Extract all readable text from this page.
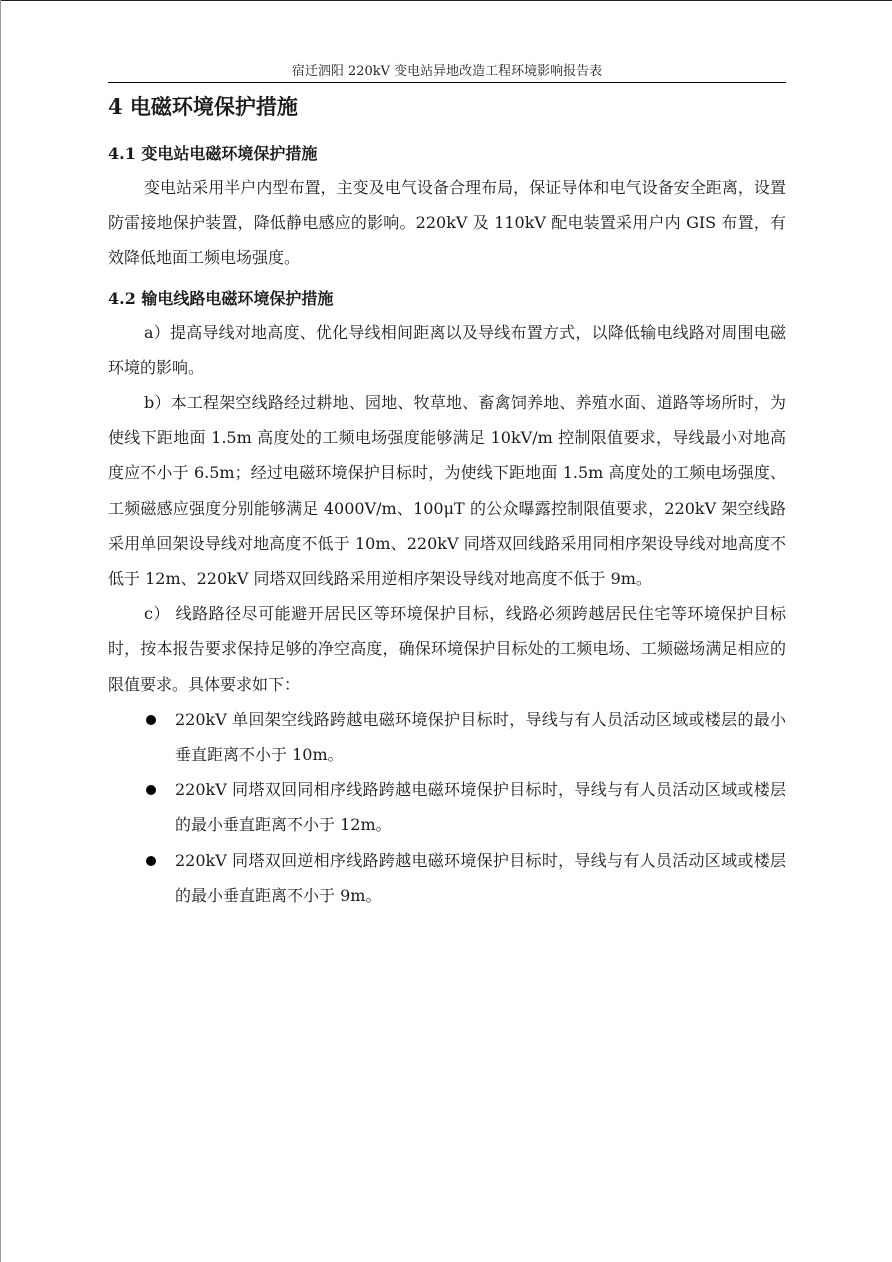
宿迁泗阳 220kV 变电站异地改造工程环境影响报告表
4 电磁环境保护措施
4.1 变电站电磁环境保护措施

变电站采用半户内型布置，主变及电气设备合理布局，保证导体和电气设备安全距离，设置防雷接地保护装置，降低静电感应的影响。220kV 及 110kV 配电装置采用户内 GIS 布置，有效降低地面工频电场强度。

4.2 输电线路电磁环境保护措施

a）提高导线对地高度、优化导线相间距离以及导线布置方式，以降低输电线路对周围电磁环境的影响。

b）本工程架空线路经过耕地、园地、牧草地、畜禽饲养地、养殖水面、道路等场所时，为使线下距地面 1.5m 高度处的工频电场强度能够满足 10kV/m 控制限值要求，导线最小对地高度应不小于 6.5m；经过电磁环境保护目标时，为使线下距地面 1.5m 高度处的工频电场强度、工频磁感应强度分别能够满足 4000V/m、100μT 的公众曝露控制限值要求，220kV 架空线路采用单回架设导线对地高度不低于 10m、220kV 同塔双回线路采用同相序架设导线对地高度不低于 12m、220kV 同塔双回线路采用逆相序架设导线对地高度不低于 9m。

c） 线路路径尽可能避开居民区等环境保护目标，线路必须跨越居民住宅等环境保护目标时，按本报告要求保持足够的净空高度，确保环境保护目标处的工频电场、工频磁场满足相应的限值要求。具体要求如下：

220kV 单回架空线路跨越电磁环境保护目标时，导线与有人员活动区域或楼层的最小垂直距离不小于 10m。
220kV 同塔双回同相序线路跨越电磁环境保护目标时，导线与有人员活动区域或楼层的最小垂直距离不小于 12m。
220kV 同塔双回逆相序线路跨越电磁环境保护目标时，导线与有人员活动区域或楼层的最小垂直距离不小于 9m。
